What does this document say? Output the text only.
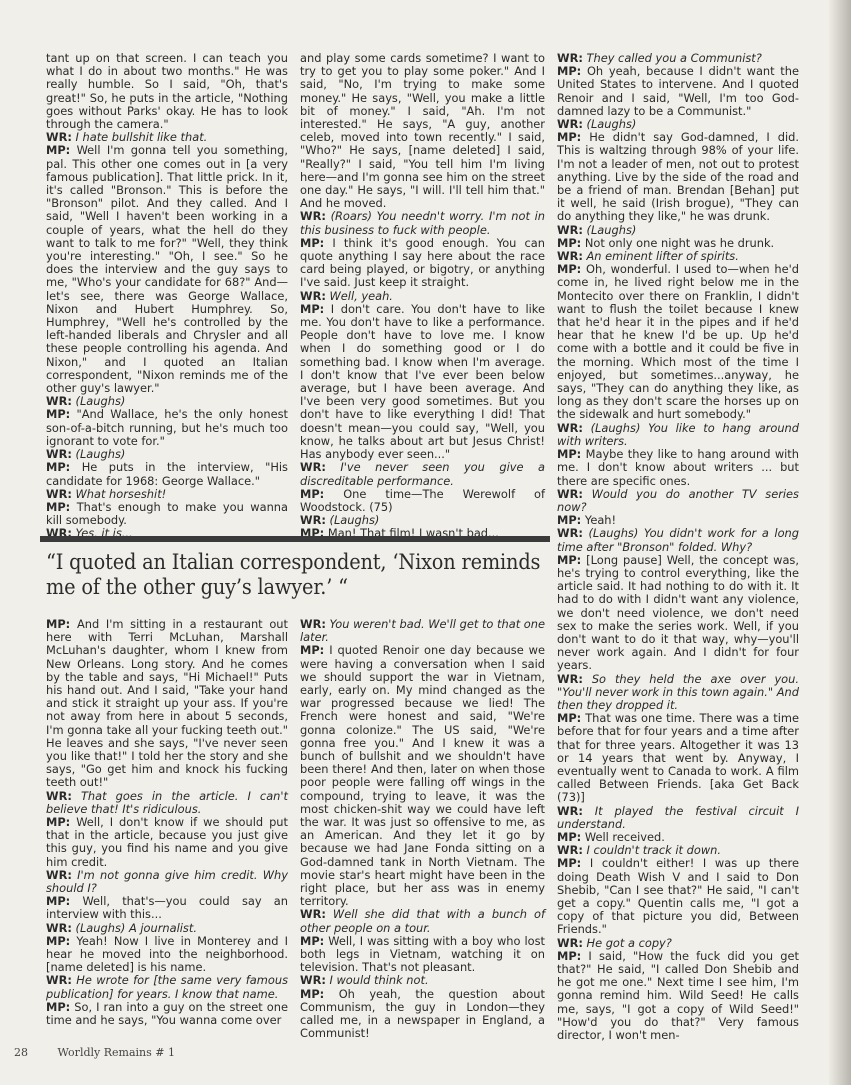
tant up on that screen. I can teach you what I do in about two months." He was really humble. So I said, "Oh, that's great!" So, he puts in the article, "Nothing goes without Parks' okay. He has to look through the camera."

WR: I hate bullshit like that.

MP: Well I'm gonna tell you something, pal. This other one comes out in [a very famous publication]. That little prick. In it, it's called "Bronson." This is before the "Bronson" pilot. And they called. And I said, "Well I haven't been working in a couple of years, what the hell do they want to talk to me for?" "Well, they think you're interesting." "Oh, I see." So he does the interview and the guy says to me, "Who's your candidate for 68?" And—let's see, there was George Wallace, Nixon and Hubert Humphrey. So, Humphrey, "Well he's controlled by the left-handed liberals and Chrysler and all these people controlling his agenda. And Nixon," and I quoted an Italian correspondent, "Nixon reminds me of the other guy's lawyer."

WR: (Laughs)

MP: "And Wallace, he's the only honest son-of-a-bitch running, but he's much too ignorant to vote for."

WR: (Laughs)

MP: He puts in the interview, "His candidate for 1968: George Wallace."

WR: What horseshit!

MP: That's enough to make you wanna kill somebody.

WR: Yes, it is...

and play some cards sometime? I want to try to get you to play some poker." And I said, "No, I'm trying to make some money." He says, "Well, you make a little bit of money." I said, "Ah. I'm not interested." He says, "A guy, another celeb, moved into town recently." I said, "Who?" He says, [name deleted] I said, "Really?" I said, "You tell him I'm living here—and I'm gonna see him on the street one day." He says, "I will. I'll tell him that." And he moved.

WR: (Roars) You needn't worry. I'm not in this business to fuck with people.

MP: I think it's good enough. You can quote anything I say here about the race card being played, or bigotry, or anything I've said. Just keep it straight.

WR: Well, yeah.

MP: I don't care. You don't have to like me. You don't have to like a performance. People don't have to love me. I know when I do something good or I do something bad. I know when I'm average. I don't know that I've ever been below average, but I have been average. And I've been very good sometimes. But you don't have to like everything I did! That doesn't mean—you could say, "Well, you know, he talks about art but Jesus Christ! Has anybody ever seen..."

WR: I've never seen you give a discreditable performance.

MP: One time—The Werewolf of Woodstock. (75)

WR: (Laughs)

MP: Man! That film! I wasn't bad...

WR: They called you a Communist?

MP: Oh yeah, because I didn't want the United States to intervene. And I quoted Renoir and I said, "Well, I'm too God-damned lazy to be a Communist."

WR: (Laughs)

MP: He didn't say God-damned, I did. This is waltzing through 98% of your life. I'm not a leader of men, not out to protest anything. Live by the side of the road and be a friend of man. Brendan [Behan] put it well, he said (Irish brogue), "They can do anything they like," he was drunk.

WR: (Laughs)

MP: Not only one night was he drunk.

WR: An eminent lifter of spirits.

MP: Oh, wonderful. I used to—when he'd come in, he lived right below me in the Montecito over there on Franklin, I didn't want to flush the toilet because I knew that he'd hear it in the pipes and if he'd hear that he knew I'd be up. Up he'd come with a bottle and it could be five in the morning. Which most of the time I enjoyed, but sometimes...anyway, he says, "They can do anything they like, as long as they don't scare the horses up on the sidewalk and hurt somebody."

WR: (Laughs) You like to hang around with writers.

MP: Maybe they like to hang around with me. I don't know about writers ... but there are specific ones.

WR: Would you do another TV series now?

MP: Yeah!

WR: (Laughs) You didn't work for a long time after "Bronson" folded. Why?

MP: [Long pause] Well, the concept was, he's trying to control everything, like the article said. It had nothing to do with it. It had to do with I didn't want any violence, we don't need violence, we don't need sex to make the series work. Well, if you don't want to do it that way, why—you'll never work again. And I didn't for four years.

WR: So they held the axe over you. "You'll never work in this town again." And then they dropped it.

MP: That was one time. There was a time before that for four years and a time after that for three years. Altogether it was 13 or 14 years that went by. Anyway, I eventually went to Canada to work. A film called Between Friends. [aka Get Back (73)]

WR: It played the festival circuit I understand.

MP: Well received.

WR: I couldn't track it down.

MP: I couldn't either! I was up there doing Death Wish V and I said to Don Shebib, "Can I see that?" He said, "I can't get a copy." Quentin calls me, "I got a copy of that picture you did, Between Friends."

WR: He got a copy?

MP: I said, "How the fuck did you get that?" He said, "I called Don Shebib and he got me one." Next time I see him, I'm gonna remind him. Wild Seed! He calls me, says, "I got a copy of Wild Seed!" "How'd you do that?" Very famous director, I won't men-

“I quoted an Italian correspondent, ‘Nixon reminds me of the other guy’s lawyer.’ “

MP: And I'm sitting in a restaurant out here with Terri McLuhan, Marshall McLuhan's daughter, whom I knew from New Orleans. Long story. And he comes by the table and says, "Hi Michael!" Puts his hand out. And I said, "Take your hand and stick it straight up your ass. If you're not away from here in about 5 seconds, I'm gonna take all your fucking teeth out." He leaves and she says, "I've never seen you like that!" I told her the story and she says, "Go get him and knock his fucking teeth out!"

WR: That goes in the article. I can't believe that! It's ridiculous.

MP: Well, I don't know if we should put that in the article, because you just give this guy, you find his name and you give him credit.

WR: I'm not gonna give him credit. Why should I?

MP: Well, that's—you could say an interview with this...

WR: (Laughs) A journalist.

MP: Yeah! Now I live in Monterey and I hear he moved into the neighborhood. [name deleted] is his name.

WR: He wrote for [the same very famous publication] for years. I know that name.

MP: So, I ran into a guy on the street one time and he says, "You wanna come over

WR: You weren't bad. We'll get to that one later.

MP: I quoted Renoir one day because we were having a conversation when I said we should support the war in Vietnam, early, early on. My mind changed as the war progressed because we lied! The French were honest and said, "We're gonna colonize." The US said, "We're gonna free you." And I knew it was a bunch of bullshit and we shouldn't have been there! And then, later on when those poor people were falling off wings in the compound, trying to leave, it was the most chicken-shit way we could have left the war. It was just so offensive to me, as an American. And they let it go by because we had Jane Fonda sitting on a God-damned tank in North Vietnam. The movie star's heart might have been in the right place, but her ass was in enemy territory.

WR: Well she did that with a bunch of other people on a tour.

MP: Well, I was sitting with a boy who lost both legs in Vietnam, watching it on television. That's not pleasant.

WR: I would think not.

MP: Oh yeah, the question about Communism, the guy in London—they called me, in a newspaper in England, a Communist!

28	Worldly Remains # 1
